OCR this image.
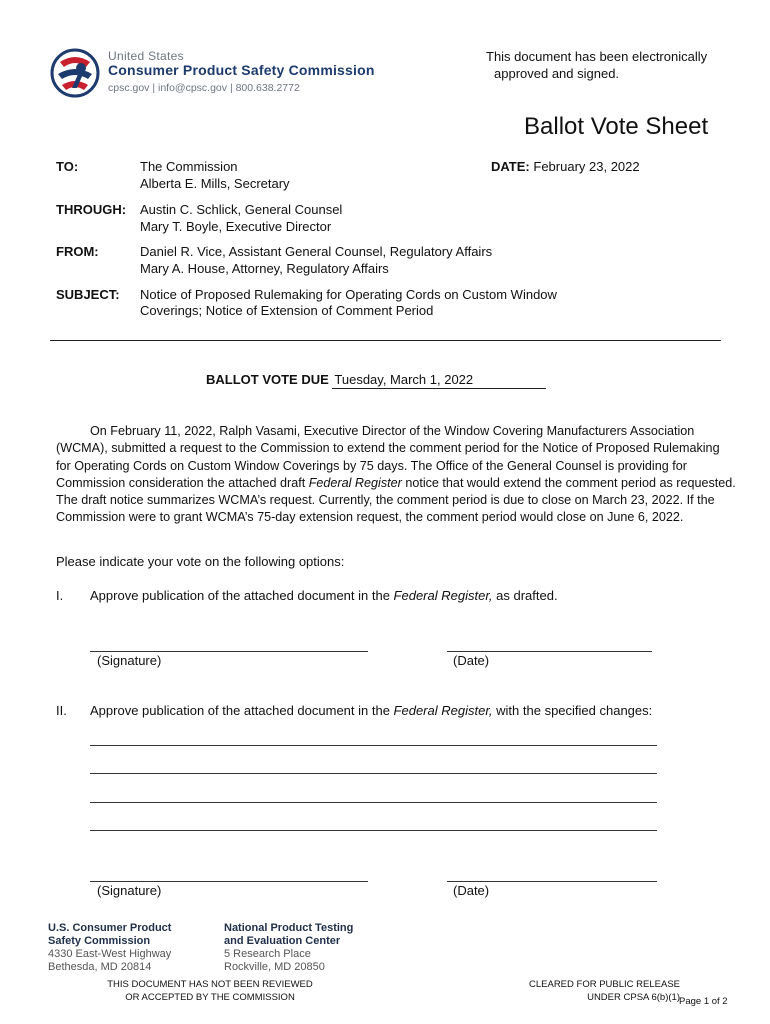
United States
Consumer Product Safety Commission
cpsc.gov | info@cpsc.gov | 800.638.2772
This document has been electronically
approved and signed.
Ballot Vote Sheet
TO:	The Commission
Alberta E. Mills, Secretary
DATE: February 23, 2022
THROUGH: Austin C. Schlick, General Counsel
Mary T. Boyle, Executive Director
FROM:	Daniel R. Vice, Assistant General Counsel, Regulatory Affairs
Mary A. House, Attorney, Regulatory Affairs
SUBJECT: Notice of Proposed Rulemaking for Operating Cords on Custom Window
Coverings; Notice of Extension of Comment Period
BALLOT VOTE DUE Tuesday, March 1, 2022

On February 11, 2022, Ralph Vasami, Executive Director of the Window Covering Manufacturers Association (WCMA), submitted a request to the Commission to extend the comment period for the Notice of Proposed Rulemaking for Operating Cords on Custom Window Coverings by 75 days. The Office of the General Counsel is providing for Commission consideration the attached draft Federal Register notice that would extend the comment period as requested. The draft notice summarizes WCMA’s request. Currently, the comment period is due to close on March 23, 2022. If the Commission were to grant WCMA’s 75-day extension request, the comment period would close on June 6, 2022.

Please indicate your vote on the following options:
I. Approve publication of the attached document in the Federal Register, as drafted.
(Signature)	(Date)
II. Approve publication of the attached document in the Federal Register, with the specified changes:
(Signature)	(Date)
U.S. Consumer Product
Safety Commission
4330 East-West Highway
Bethesda, MD 20814
National Product Testing
and Evaluation Center
5 Research Place
Rockville, MD 20850
THIS DOCUMENT HAS NOT BEEN REVIEWED
OR ACCEPTED BY THE COMMISSION
CLEARED FOR PUBLIC RELEASE
UNDER CPSA 6(b)(1) Page 1 of 2
